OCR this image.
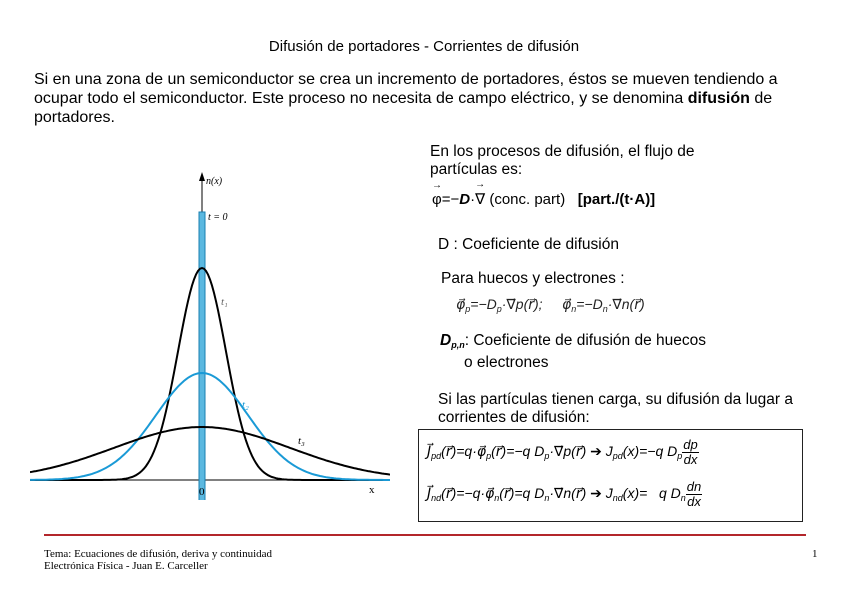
Difusión de portadores - Corrientes de difusión
Si en una zona de un semiconductor se crea un incremento de portadores, éstos se mueven tendiendo a ocupar todo el semiconductor. Este proceso no necesita de campo eléctrico, y se denomina difusión de portadores.
n(x)
t = 0
t₁
t₂
t₃
0	x
En los procesos de difusión, el flujo de partículas es:
φ
→
=−D·∇
→
(conc. part) [part./(t·A)]
D : Coeficiente de difusión
Para huecos y electrones :
$\varphi⃗_p=-D_p\cdot\nabla⃗p(r⃗)$;     $\varphi⃗_n=-D_n\cdot\nabla⃗n(r⃗)$
$D_{p,n}$: Coeficiente de difusión de huecos
o electrones
Si las partículas tienen carga, su difusión da lugar a corrientes de difusión:
$J⃗_{pd}(r⃗)=q\cdot\varphi⃗_p(r⃗)=-q$ $D_p\cdot\nabla⃗p(r⃗)$ ➔ $J_{pd}(x)=-q$ $D_p \frac{dp}{dx}$
$J⃗_{nd}(r⃗)=-q\cdot\varphi⃗_n(r⃗)=q$ $D_n\cdot\nabla⃗n(r⃗)$ ➔ $J_{nd}(x)= q$ $D_n \frac{dn}{dx}$
Tema: Ecuaciones de difusión, deriva y continuidad
Electrónica Física - Juan E. Carceller
1
